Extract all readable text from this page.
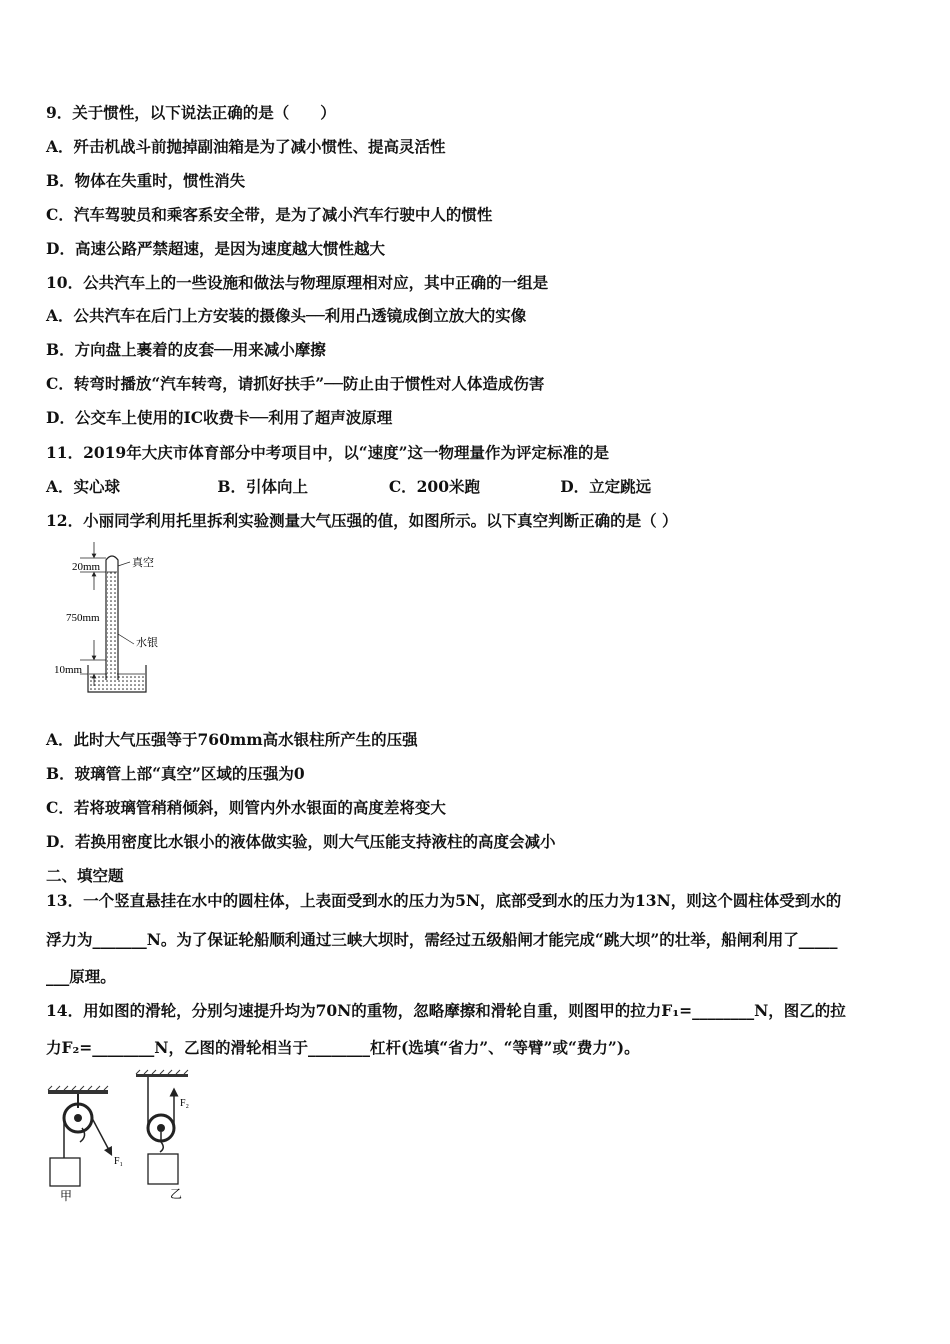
9．关于惯性，以下说法正确的是（　　）
A．歼击机战斗前抛掉副油箱是为了减小惯性、提高灵活性
B．物体在失重时，惯性消失
C．汽车驾驶员和乘客系安全带，是为了减小汽车行驶中人的惯性
D．高速公路严禁超速，是因为速度越大惯性越大
10．公共汽车上的一些设施和做法与物理原理相对应，其中正确的一组是
A．公共汽车在后门上方安装的摄像头──利用凸透镜成倒立放大的实像
B．方向盘上裹着的皮套──用来减小摩擦
C．转弯时播放“汽车转弯，请抓好扶手”──防止由于惯性对人体造成伤害
D．公交车上使用的IC收费卡──利用了超声波原理
11．2019年大庆市体育部分中考项目中，以“速度”这一物理量作为评定标准的是
A．实心球	B．引体向上	C．200米跑	D．立定跳远
12．小丽同学利用托里拆利实验测量大气压强的值，如图所示。以下真空判断正确的是（ ）
20mm
750mm
10mm
真空
水银
A．此时大气压强等于760mm高水银柱所产生的压强
B．玻璃管上部“真空”区域的压强为0
C．若将玻璃管稍稍倾斜，则管内外水银面的高度差将变大
D．若换用密度比水银小的液体做实验，则大气压能支持液柱的高度会减小
二、填空题
13．一个竖直悬挂在水中的圆柱体，上表面受到水的压力为5N，底部受到水的压力为13N，则这个圆柱体受到水的
浮力为_______N。为了保证轮船顺利通过三峡大坝时，需经过五级船闸才能完成“跳大坝”的壮举，船闸利用了_____
___原理。
14．用如图的滑轮，分别匀速提升均为70N的重物，忽略摩擦和滑轮自重，则图甲的拉力F₁=________N，图乙的拉
力F₂=________N，乙图的滑轮相当于________杠杆(选填“省力”、“等臂”或“费力”)。
F₁
甲
F₂
乙
